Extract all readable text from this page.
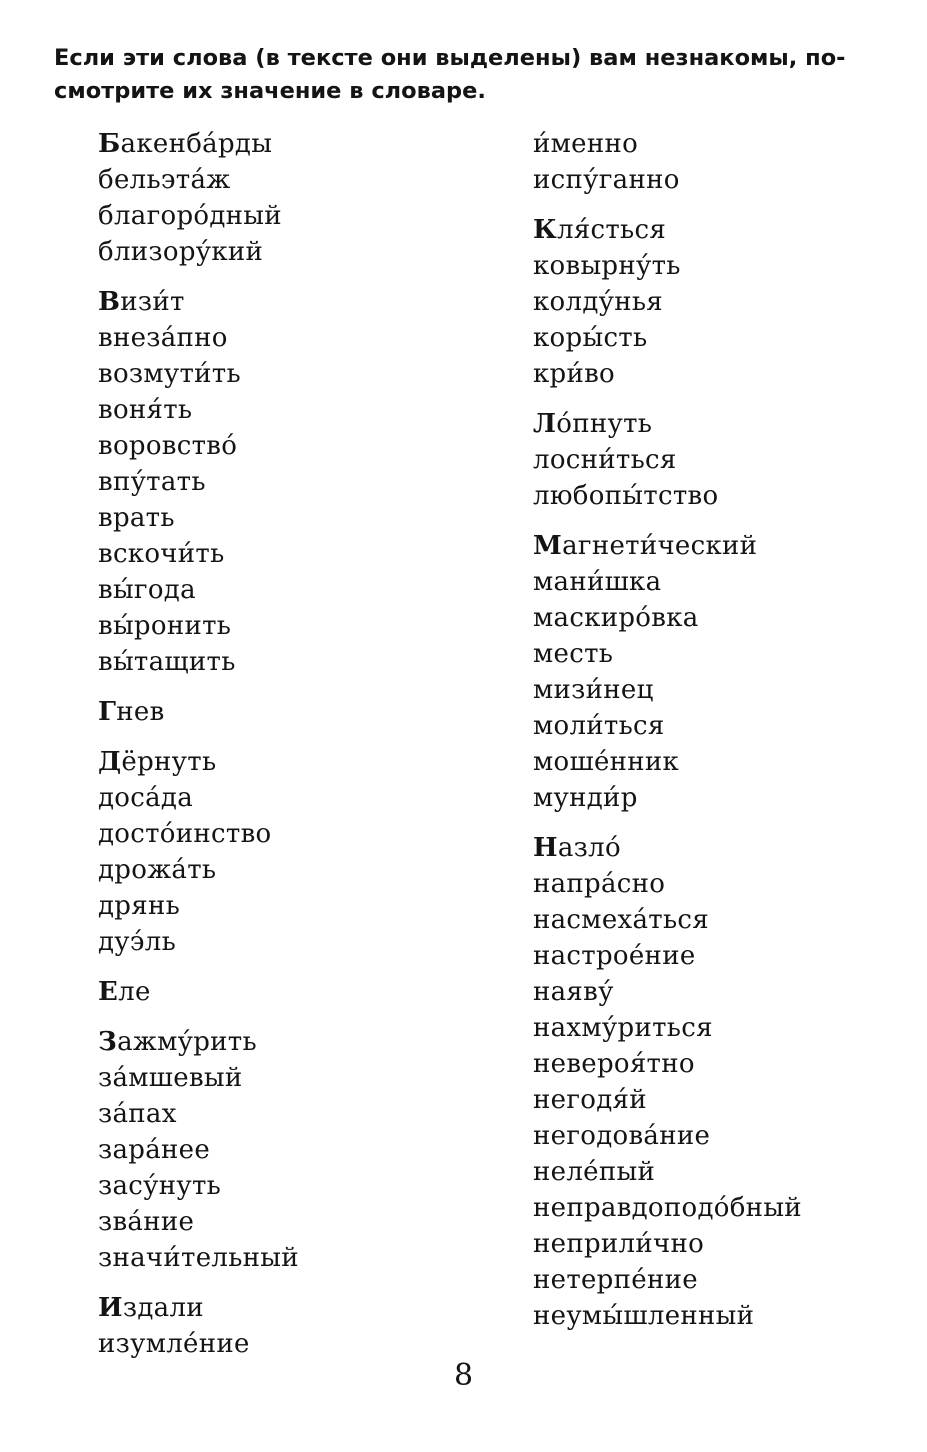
Если эти слова (в тексте они выделены) вам незнакомы, посмотрите их значение в словаре.

Бакенба́рды
бельэта́ж
благоро́дный
близору́кий
Визи́т
внеза́пно
возмути́ть
воня́ть
воровство́
впу́тать
врать
вскочи́ть
вы́года
вы́ронить
вы́тащить
Гнев
Дёрнуть
доса́да
досто́инство
дрожа́ть
дрянь
дуэ́ль
Еле
Зажму́рить
за́мшевый
за́пах
зара́нее
засу́нуть
зва́ние
значи́тельный
Издали
изумле́ние
и́менно
испу́ганно
Кля́сться
ковырну́ть
колду́нья
коры́сть
кри́во
Ло́пнуть
лосни́ться
любопы́тство
Магнети́ческий
мани́шка
маскиро́вка
месть
мизи́нец
моли́ться
моше́нник
мунди́р
Назло́
напра́сно
насмеха́ться
настрое́ние
наяву́
нахму́риться
невероя́тно
негодя́й
негодова́ние
неле́пый
неправдоподо́бный
неприли́чно
нетерпе́ние
неумы́шленный
8
